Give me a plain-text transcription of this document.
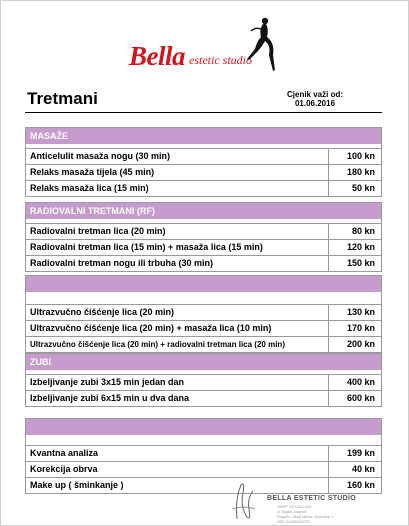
Bella estetic studio
Tretmani	Cjenik važi od:
01.06.2016
MASAŽE
Anticelulit masaža nogu (30 min)	100 kn
Relaks masaža tijela (45 min)	180 kn
Relaks masaža lica (15 min)	50 kn
RADIOVALNI TRETMANI (RF)
Radiovalni tretman lica (20 min)	80 kn
Radiovalni tretman lica (15 min) + masaža lica (15 min)	120 kn
Radiovalni tretman nogu ili trbuha (30 min)	150 kn
Ultrazvučno čišćenje lica (20 min)	130 kn
Ultrazvučno čišćenje lica (20 min) + masaža lica (10 min)	170 kn
Ultrazvučno čišćenje lica (20 min) + radiovalni tretman lica (20 min)	200 kn
ZUBI
Izbeljivanje zubi 3x15 min jedan dan	400 kn
Izbeljivanje zubi 6x15 min u dva dana	600 kn
Kvantna analiza	199 kn
Korekcija obrva	40 kn
Make up ( šminkanje )	160 kn
BELLA ESTETIC STUDIO
OBRT ZA USLUGE
vl. Bojan Adamić
Zagreb, Ulica Nikole Gučetića 1
OIB: 22449394757
